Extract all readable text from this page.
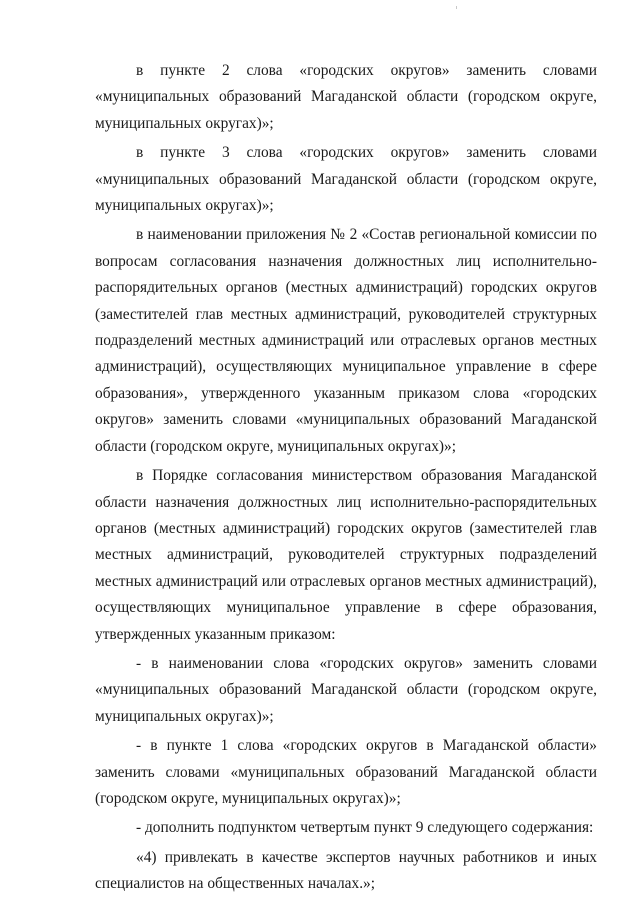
в пункте 2 слова «городских округов» заменить словами «муниципальных образований Магаданской области (городском округе, муниципальных округах)»;

в пункте 3 слова «городских округов» заменить словами «муниципальных образований Магаданской области (городском округе, муниципальных округах)»;

в наименовании приложения № 2 «Состав региональной комиссии по вопросам согласования назначения должностных лиц исполнительно-распорядительных органов (местных администраций) городских округов (заместителей глав местных администраций, руководителей структурных подразделений местных администраций или отраслевых органов местных администраций), осуществляющих муниципальное управление в сфере образования», утвержденного указанным приказом слова «городских округов» заменить словами «муниципальных образований Магаданской области (городском округе, муниципальных округах)»;

в Порядке согласования министерством образования Магаданской области назначения должностных лиц исполнительно-распорядительных органов (местных администраций) городских округов (заместителей глав местных администраций, руководителей структурных подразделений местных администраций или отраслевых органов местных администраций), осуществляющих муниципальное управление в сфере образования, утвержденных указанным приказом:

- в наименовании слова «городских округов» заменить словами «муниципальных образований Магаданской области (городском округе, муниципальных округах)»;

- в пункте 1 слова «городских округов в Магаданской области» заменить словами «муниципальных образований Магаданской области (городском округе, муниципальных округах)»;

- дополнить подпунктом четвертым пункт 9 следующего содержания:

«4) привлекать в качестве экспертов научных работников и иных специалистов на общественных началах.»;
